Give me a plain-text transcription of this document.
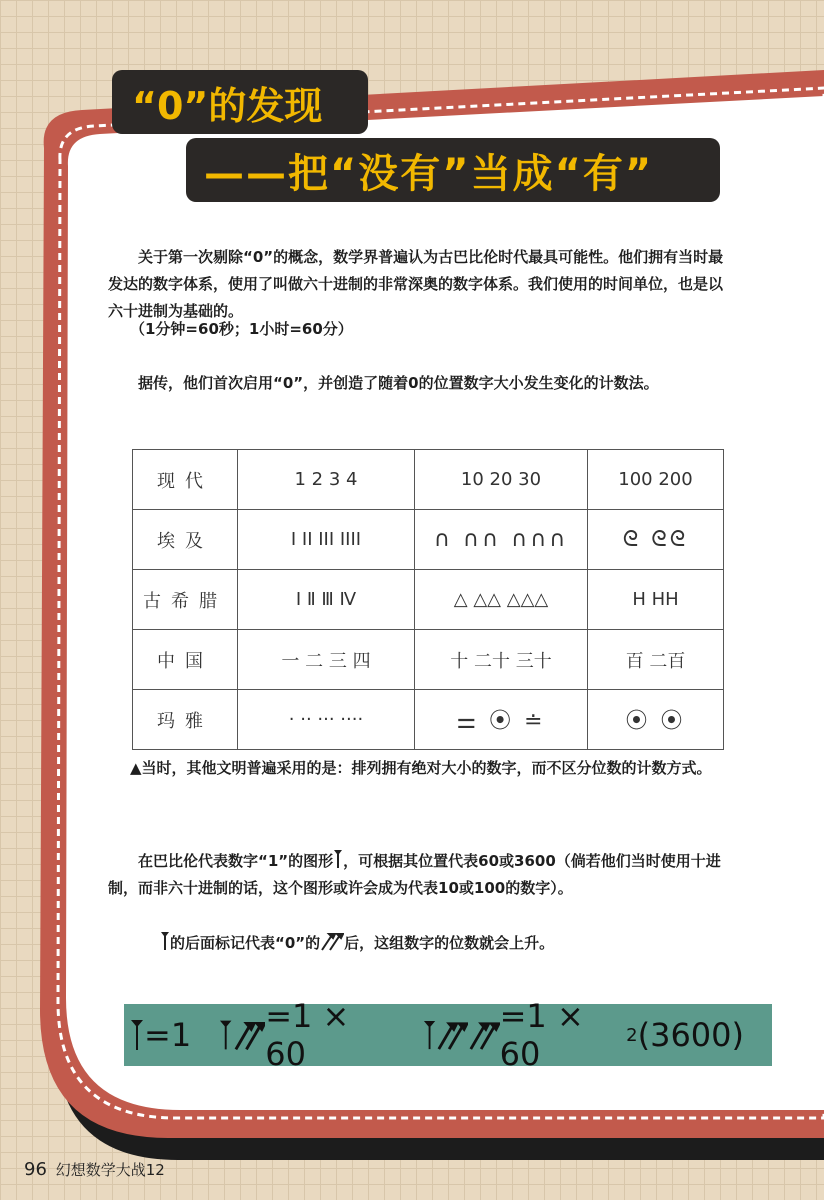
“0”的发现
——把“没有”当成“有”

关于第一次剔除“0”的概念，数学界普遍认为古巴比伦时代最具可能性。他们拥有当时最发达的数字体系，使用了叫做六十进制的非常深奥的数字体系。我们使用的时间单位，也是以六十进制为基础的。

（1分钟=60秒；1小时=60分）

据传，他们首次启用“0”，并创造了随着0的位置数字大小发生变化的计数法。

现代	1 2 3 4	10 20 30	100 200
埃及	I II III IIII	∩ ∩∩ ∩∩∩	ᘓ ᘓᘓ
古希腊	Ⅰ Ⅱ Ⅲ Ⅳ	△ △△ △△△	H HH
中国	一 二 三 四	十 二十 三十	百 二百
玛雅	· ·· ··· ····	⚌ ⦿ ≐	⦿ ⦿

▲当时，其他文明普遍采用的是：排列拥有绝对大小的数字，而不区分位数的计数方式。

在巴比伦代表数字“1”的图形 ，可根据其位置代表60或3600（倘若他们当时使用十进制，而非六十进制的话，这个图形或许会成为代表10或100的数字）。

的后面标记代表“0”的 后，这组数字的位数就会上升。

=1 =1 × 60
=1 × 60	2 (3600)
96 幻想数学大战12
